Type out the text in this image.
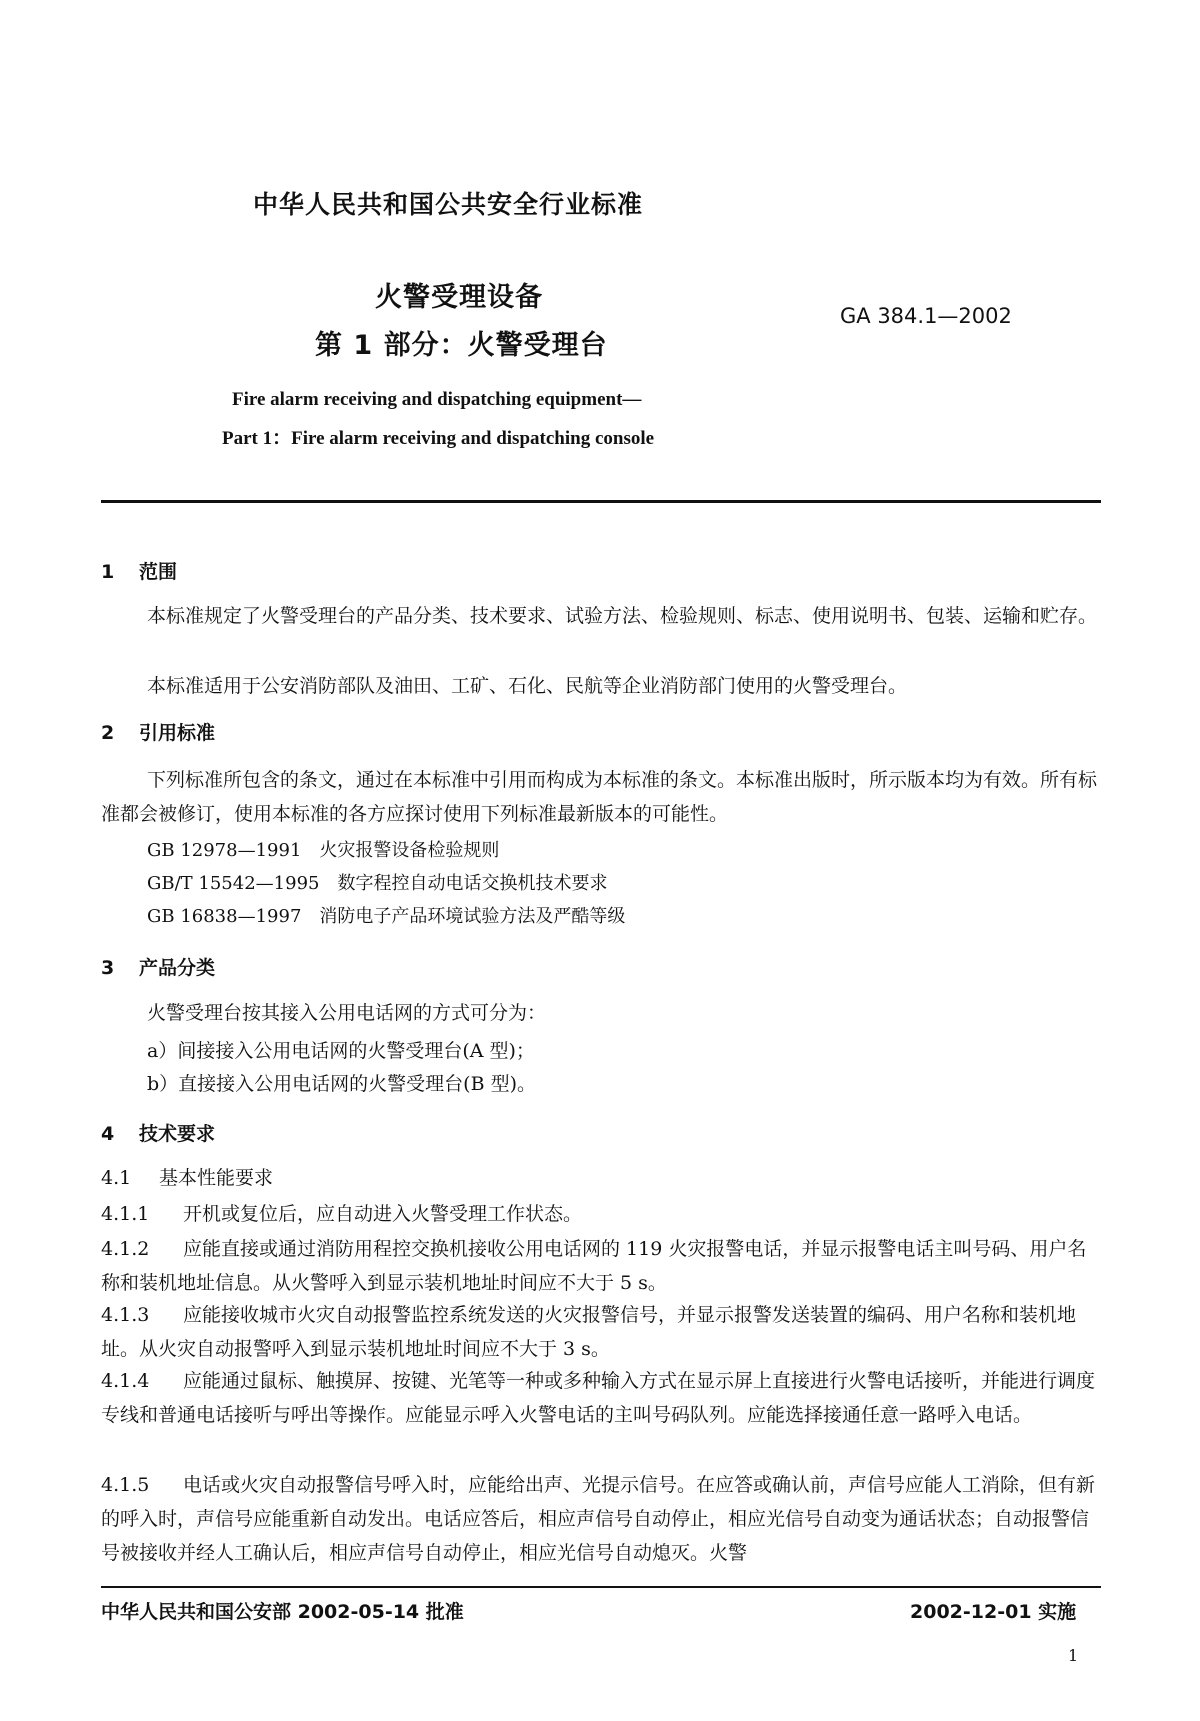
中华人民共和国公共安全行业标准
火警受理设备
第 1 部分：火警受理台
GA 384.1—2002
Fire alarm receiving and dispatching equipment—
Part 1：Fire alarm receiving and dispatching console
1 范围
本标准规定了火警受理台的产品分类、技术要求、试验方法、检验规则、标志、使用说明书、包装、运输和贮存。
本标准适用于公安消防部队及油田、工矿、石化、民航等企业消防部门使用的火警受理台。
2 引用标准
下列标准所包含的条文，通过在本标准中引用而构成为本标准的条文。本标准出版时，所示版本均为有效。所有标准都会被修订，使用本标准的各方应探讨使用下列标准最新版本的可能性。
GB 12978—1991　火灾报警设备检验规则
GB/T 15542—1995　数字程控自动电话交换机技术要求
GB 16838—1997　消防电子产品环境试验方法及严酷等级
3 产品分类
火警受理台按其接入公用电话网的方式可分为：
a）间接接入公用电话网的火警受理台(A 型)；
b）直接接入公用电话网的火警受理台(B 型)。
4 技术要求
4.1 基本性能要求
4.1.1 开机或复位后，应自动进入火警受理工作状态。
4.1.2 应能直接或通过消防用程控交换机接收公用电话网的 119 火灾报警电话，并显示报警电话主叫号码、用户名称和装机地址信息。从火警呼入到显示装机地址时间应不大于 5 s。
4.1.3 应能接收城市火灾自动报警监控系统发送的火灾报警信号，并显示报警发送装置的编码、用户名称和装机地址。从火灾自动报警呼入到显示装机地址时间应不大于 3 s。
4.1.4 应能通过鼠标、触摸屏、按键、光笔等一种或多种输入方式在显示屏上直接进行火警电话接听，并能进行调度专线和普通电话接听与呼出等操作。应能显示呼入火警电话的主叫号码队列。应能选择接通任意一路呼入电话。
4.1.5 电话或火灾自动报警信号呼入时，应能给出声、光提示信号。在应答或确认前，声信号应能人工消除，但有新的呼入时，声信号应能重新自动发出。电话应答后，相应声信号自动停止，相应光信号自动变为通话状态；自动报警信号被接收并经人工确认后，相应声信号自动停止，相应光信号自动熄灭。火警
中华人民共和国公安部 2002-05-14 批准	2002-12-01 实施
1
